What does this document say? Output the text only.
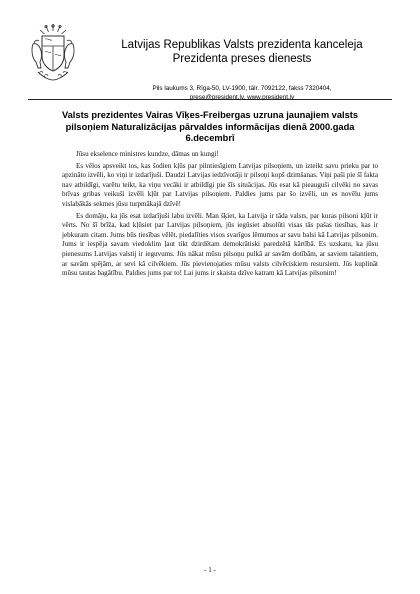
Latvijas Republikas Valsts prezidenta kanceleja
Prezidenta preses dienests
Pils laukums 3, Rīga-50, LV-1900, tālr. 7092122, fakss 7320404,
prese@president.lv, www.president.lv
Valsts prezidentes Vairas Vīķes-Freibergas uzruna jaunajiem valsts
pilsoņiem Naturalizācijas pārvaldes informācijas dienā 2000.gada
6.decembrī

Jūsu ekselence ministres kundze, dāmas un kungi!

Es vēlos apsveikt tos, kas šodien kļūs par pilntiesīgiem Latvijas pilsoņiem, un izteikt savu prieku par to apzināto izvēli, ko viņi ir izdarījuši. Daudzi Latvijas iedzīvotāji ir pilsoņi kopš dzimšanas. Viņi paši pie šī fakta nav atbildīgi, varētu teikt, ka viņu vecāki ir atbildīgi pie šīs situācijas. Jūs esat kā pieauguši cilvēki no savas brīvas gribas veikuši izvēli kļūt par Latvijas pilsoņiem. Paldies jums par šo izvēli, un es novēlu jums vislabākās sekmes jūsu turpmākajā dzīvē!

Es domāju, ka jūs esat izdarījuši labu izvēli. Man šķiet, ka Latvija ir tāda valsts, par kuras pilsoni kļūt ir vērts. No šī brīža, kad kļūsiet par Latvijas pilsoņiem, jūs iegūsiet absolūti visas tās pašas tiesības, kas ir jebkuram citam. Jums būs tiesības vēlēt, piedalīties visos svarīgos lēmumos ar savu balsi kā Latvijas pilsonim. Jums ir iespēja savam viedoklim ļaut tikt dzirdētam demokrātiski paredzētā kārtībā. Es uzskatu, ka jūsu pienesums Latvijas valstij ir ieguvums. Jūs nākat mūsu pilsoņu pulkā ar savām dotībām, ar saviem talantiem, ar savām spējām, ar sevi kā cilvēkiem. Jūs pievienojaties mūsu valsts cilvēciskiem resursiem. Jūs kuplināt mūsu tautas bagātību. Paldies jums par to! Lai jums ir skaista dzīve katram kā Latvijas pilsonim!

- 1 -
